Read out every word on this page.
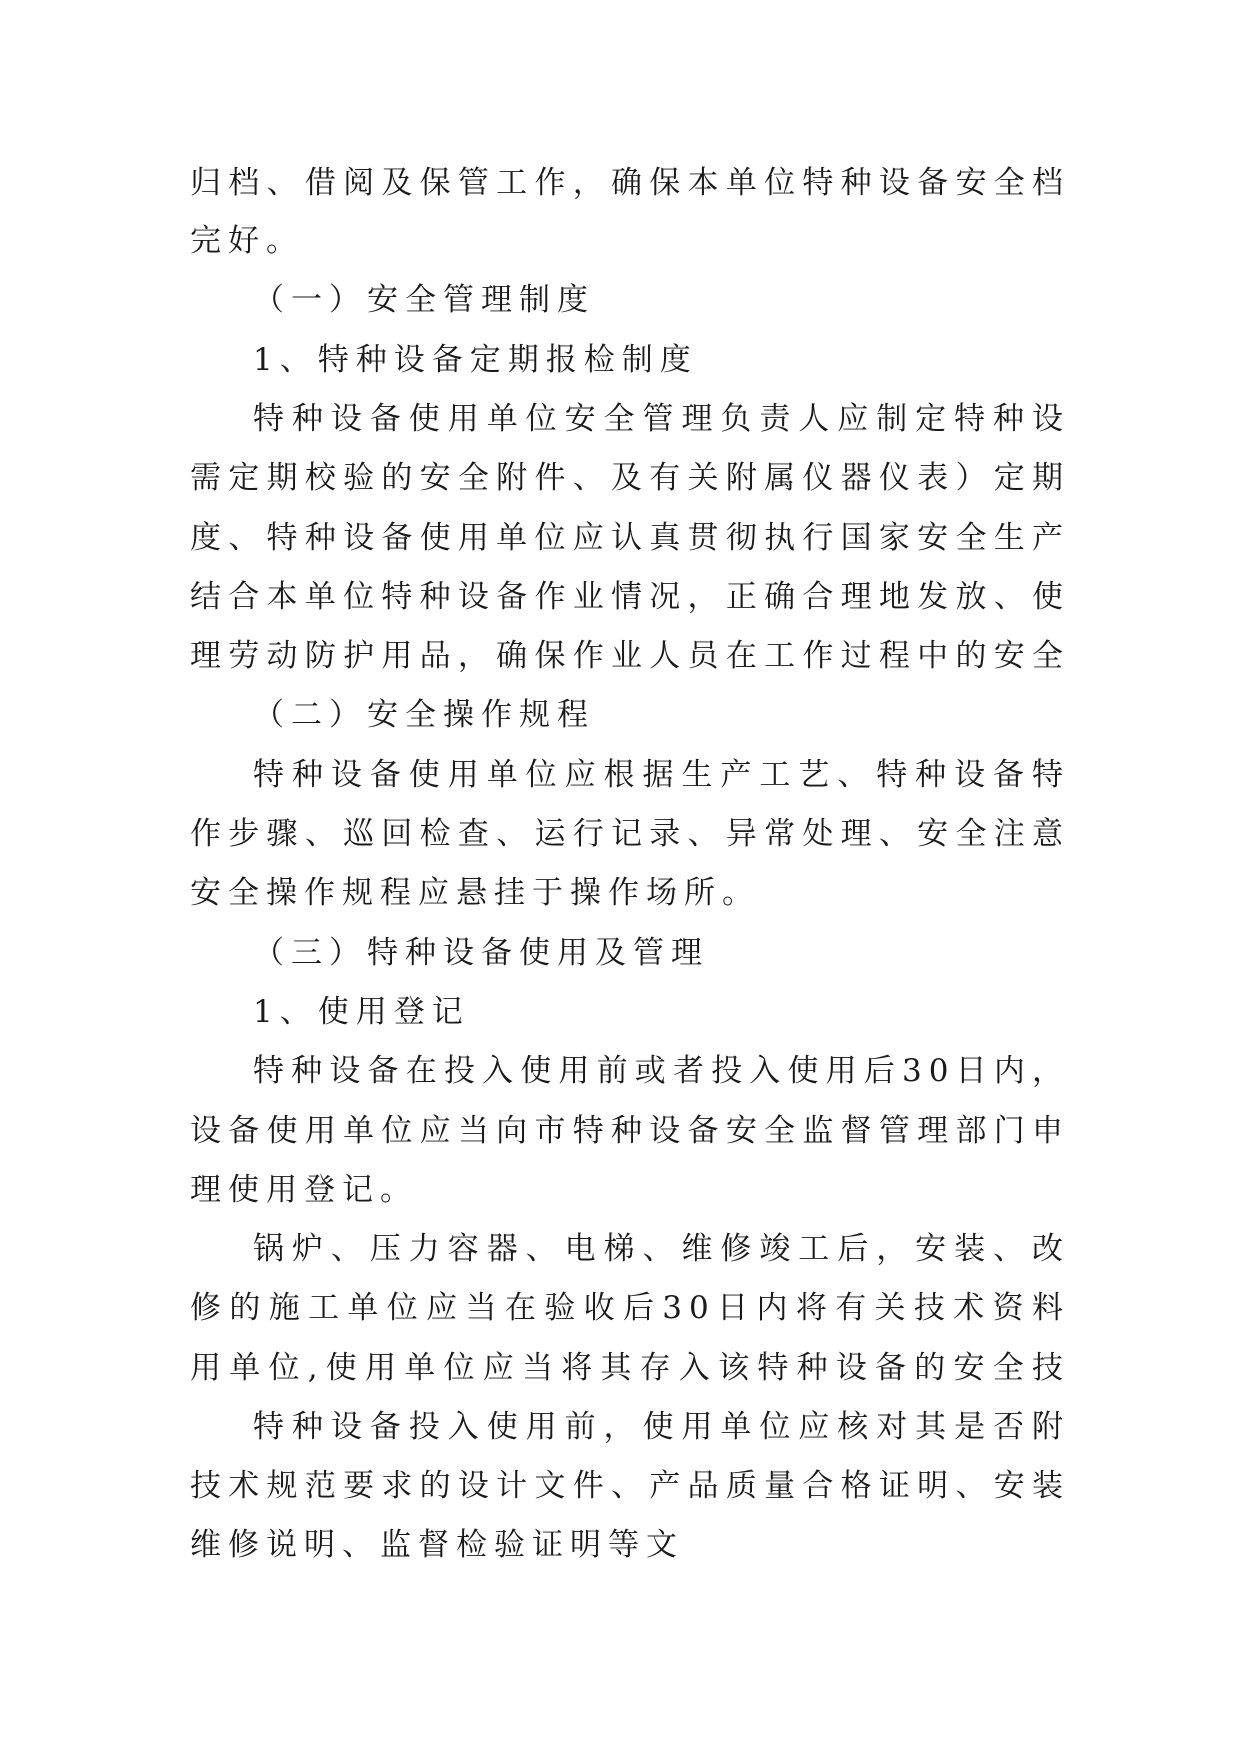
归档、借阅及保管工作，确保本单位特种设备安全档
完好。
（一）安全管理制度
1、特种设备定期报检制度
特种设备使用单位安全管理负责人应制定特种设
需定期校验的安全附件、及有关附属仪器仪表）定期
度、特种设备使用单位应认真贯彻执行国家安全生产
结合本单位特种设备作业情况，正确合理地发放、使
理劳动防护用品，确保作业人员在工作过程中的安全
（二）安全操作规程
特种设备使用单位应根据生产工艺、特种设备特
作步骤、巡回检查、运行记录、异常处理、安全注意
安全操作规程应悬挂于操作场所。
（三）特种设备使用及管理
1、使用登记
特种设备在投入使用前或者投入使用后30日内，
设备使用单位应当向市特种设备安全监督管理部门申
理使用登记。
锅炉、压力容器、电梯、维修竣工后，安装、改
修的施工单位应当在验收后30日内将有关技术资料
用单位,使用单位应当将其存入该特种设备的安全技
特种设备投入使用前，使用单位应核对其是否附
技术规范要求的设计文件、产品质量合格证明、安装
维修说明、监督检验证明等文
